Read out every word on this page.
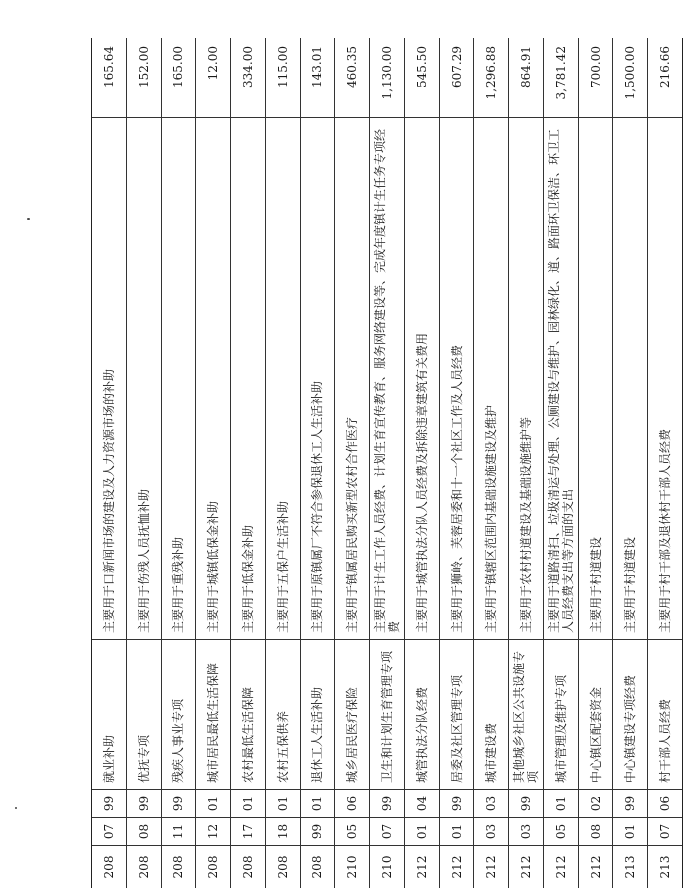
208
07
99
就业补助
主要用于口新闻市场的建设及人力资源市场的补助
165.64
208
08
99
优抚专项
主要用于伤残人员抚恤补助
152.00
208
11
99
残疾人事业专项
主要用于重残补助
165.00
208
12
01
城市居民最低生活保障
主要用于城镇低保金补助
12.00
208
17
01
农村最低生活保障
主要用于低保金补助
334.00
208
18
01
农村五保供养
主要用于五保户生活补助
115.00
208
99
01
退休工人生活补助
主要用于原镇属厂不符合参保退休工人生活补助
143.01
210
05
06
城乡居民医疗保险
主要用于镇属居民购买新型农村合作医疗
460.35
210
07
99
卫生和计划生育管理专项
主要用于计生工作人员经费、计划生育宣传教育、服务网络建设等、完成年度镇计生任务专项经费
1,130.00
212
01
04
城管执法分队经费
主要用于城管执法分队人员经费及拆除违章建筑有关费用
545.50
212
01
99
居委及社区管理专项
主要用于狮岭、芙蓉居委和十一个社区工作及人员经费
607.29
212
03
03
城市建设费
主要用于镇辖区范围内基础设施建设及维护
1,296.88
212
03
99
其他城乡社区公共设施专项
主要用于农村村道建设及基础设施维护等
864.91
212
05
01
城市管理及维护专项
主要用于道路清扫、垃圾清运与处理、公厕建设与维护、园林绿化、道、路面环卫保洁、环卫工人员经费支出等方面的支出
3,781.42
212
08
02
中心镇区配套资金
主要用于村道建设
700.00
213
01
99
中心镇建设专项经费
主要用于村道建设
1,500.00
213
07
06
村干部人员经费
主要用于村干部及退休村干部人员经费
216.66
